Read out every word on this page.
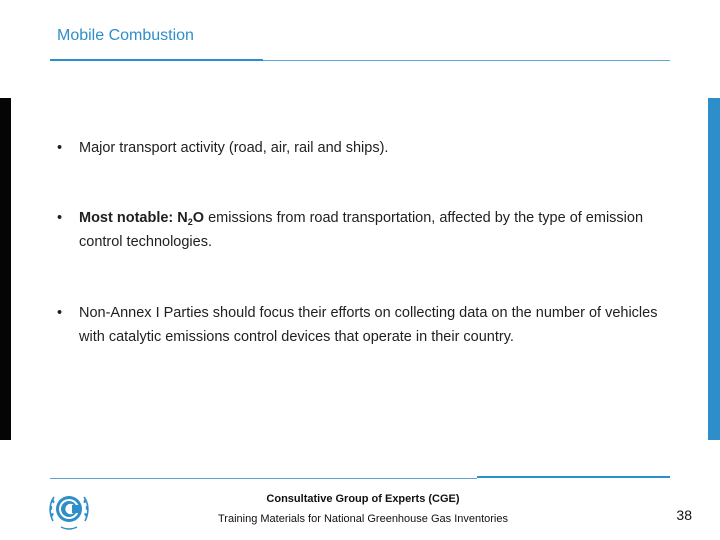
Mobile Combustion
• Major transport activity (road, air, rail and ships).
• Most notable: $N_2O$ emissions from road transportation, affected by the type of emission control technologies.
• Non-Annex I Parties should focus their efforts on collecting data on the number of vehicles with catalytic emissions control devices that operate in their country.
Consultative Group of Experts (CGE)
Training Materials for National Greenhouse Gas Inventories	38
